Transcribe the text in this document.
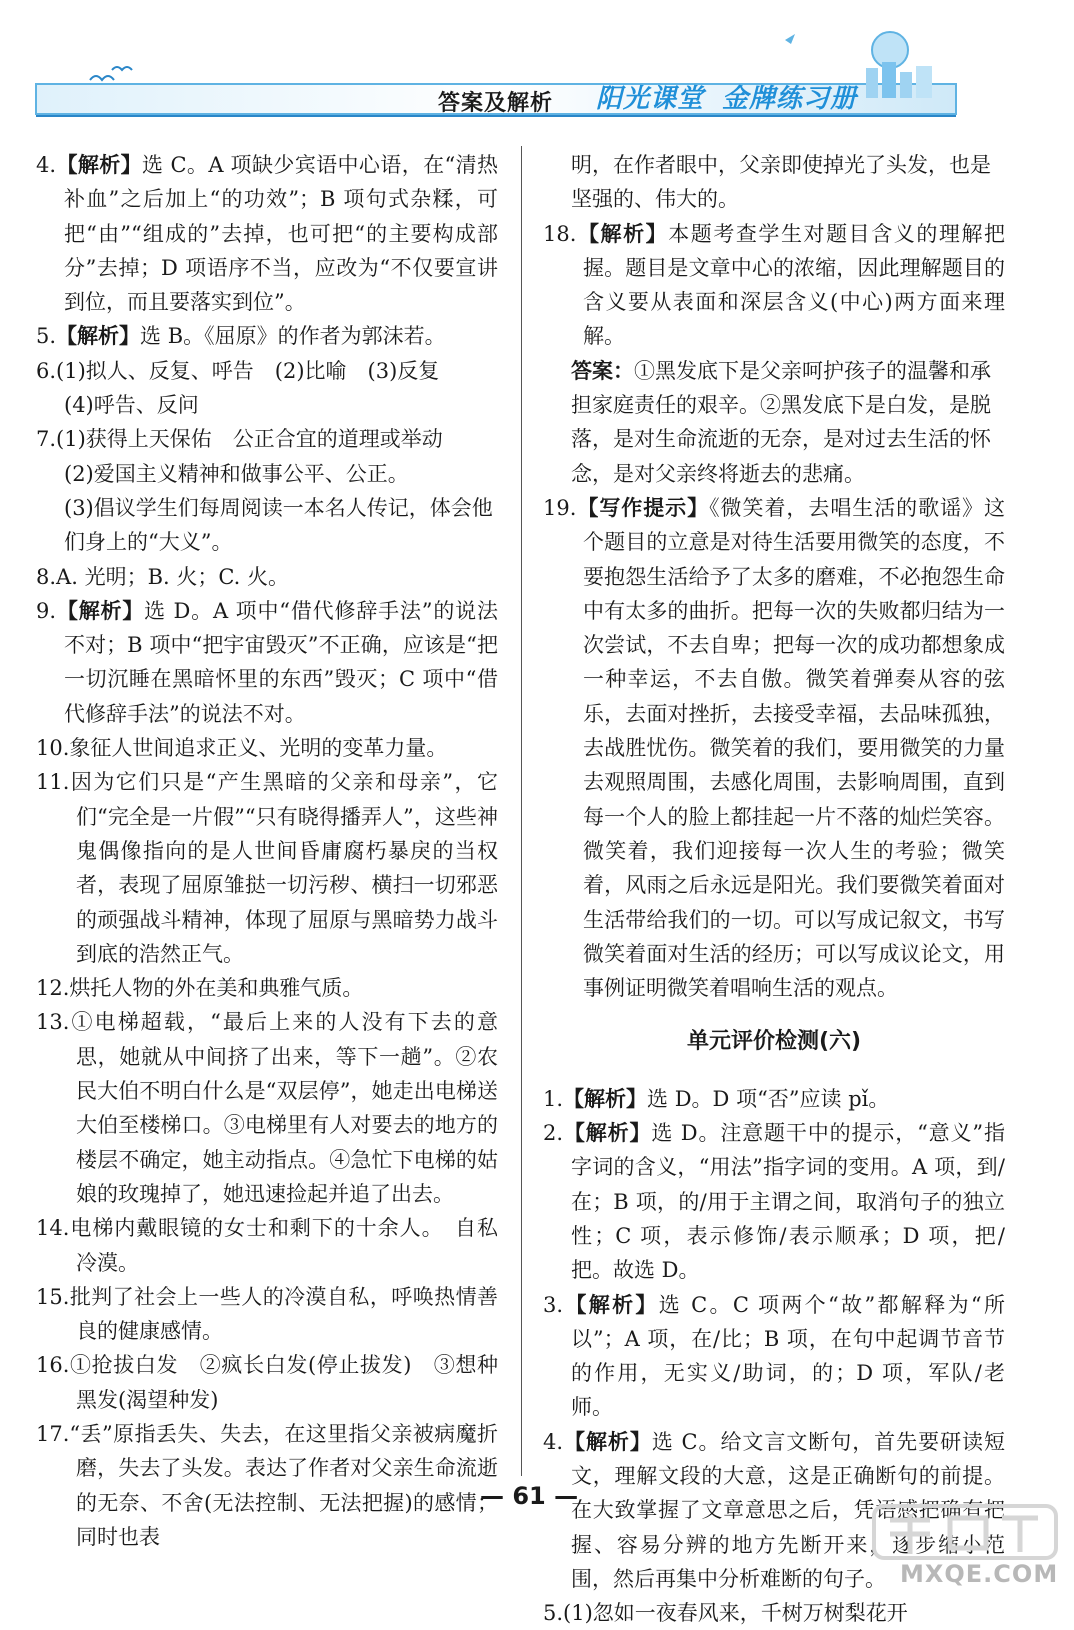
答案及解析 阳光课堂 金牌练习册
4.【解析】选 C。A 项缺少宾语中心语，在“清热补血”之后加上“的功效”；B 项句式杂糅，可把“由”“组成的”去掉，也可把“的主要构成部分”去掉；D 项语序不当，应改为“不仅要宣讲到位，而且要落实到位”。
5.【解析】选 B。《屈原》的作者为郭沫若。
6.(1)拟人、反复、呼告　(2)比喻　(3)反复
(4)呼告、反问
7.(1)获得上天保佑　公正合宜的道理或举动
(2)爱国主义精神和做事公平、公正。
(3)倡议学生们每周阅读一本名人传记，体会他们身上的“大义”。
8.A. 光明；B. 火；C. 火。
9.【解析】选 D。A 项中“借代修辞手法”的说法不对；B 项中“把宇宙毁灭”不正确，应该是“把一切沉睡在黑暗怀里的东西”毁灭；C 项中“借代修辞手法”的说法不对。
10.象征人世间追求正义、光明的变革力量。
11.因为它们只是“产生黑暗的父亲和母亲”，它们“完全是一片假”“只有晓得播弄人”，这些神鬼偶像指向的是人世间昏庸腐朽暴戾的当权者，表现了屈原雏挞一切污秽、横扫一切邪恶的顽强战斗精神，体现了屈原与黑暗势力战斗到底的浩然正气。
12.烘托人物的外在美和典雅气质。
13.①电梯超载，“最后上来的人没有下去的意思，她就从中间挤了出来，等下一趟”。②农民大伯不明白什么是“双层停”，她走出电梯送大伯至楼梯口。③电梯里有人对要去的地方的楼层不确定，她主动指点。④急忙下电梯的姑娘的玫瑰掉了，她迅速捡起并追了出去。
14.电梯内戴眼镜的女士和剩下的十余人。　自私冷漠。
15.批判了社会上一些人的冷漠自私，呼唤热情善良的健康感情。
16.①抢拔白发　②疯长白发(停止拔发)　③想种黑发(渴望种发)
17.“丢”原指丢失、失去，在这里指父亲被病魔折磨，失去了头发。表达了作者对父亲生命流逝的无奈、不舍(无法控制、无法把握)的感情；同时也表
明，在作者眼中，父亲即使掉光了头发，也是坚强的、伟大的。
18.【解析】本题考查学生对题目含义的理解把握。题目是文章中心的浓缩，因此理解题目的含义要从表面和深层含义(中心)两方面来理解。
答案：①黑发底下是父亲呵护孩子的温馨和承担家庭责任的艰辛。②黑发底下是白发，是脱落，是对生命流逝的无奈，是对过去生活的怀念，是对父亲终将逝去的悲痛。
19.【写作提示】《微笑着，去唱生活的歌谣》这个题目的立意是对待生活要用微笑的态度，不要抱怨生活给予了太多的磨难，不必抱怨生命中有太多的曲折。把每一次的失败都归结为一次尝试，不去自卑；把每一次的成功都想象成一种幸运，不去自傲。微笑着弹奏从容的弦乐，去面对挫折，去接受幸福，去品味孤独，去战胜忧伤。微笑着的我们，要用微笑的力量去观照周围，去感化周围，去影响周围，直到每一个人的脸上都挂起一片不落的灿烂笑容。微笑着，我们迎接每一次人生的考验；微笑着，风雨之后永远是阳光。我们要微笑着面对生活带给我们的一切。可以写成记叙文，书写微笑着面对生活的经历；可以写成议论文，用事例证明微笑着唱响生活的观点。
单元评价检测(六)
1.【解析】选 D。D 项“否”应读 pǐ。
2.【解析】选 D。注意题干中的提示，“意义”指字词的含义，“用法”指字词的变用。A 项，到/在；B 项，的/用于主谓之间，取消句子的独立性；C 项，表示修饰/表示顺承；D 项，把/把。故选 D。
3.【解析】选 C。C 项两个“故”都解释为“所以”；A 项，在/比；B 项，在句中起调节音节的作用，无实义/助词，的；D 项，军队/老师。
4.【解析】选 C。给文言文断句，首先要研读短文，理解文段的大意，这是正确断句的前提。在大致掌握了文章意思之后，凭语感把确有把握、容易分辨的地方先断开来，逐步缩小范围，然后再集中分析难断的句子。
5.(1)忽如一夜春风来，千树万树梨花开
— 61 —
MXQE.COM
